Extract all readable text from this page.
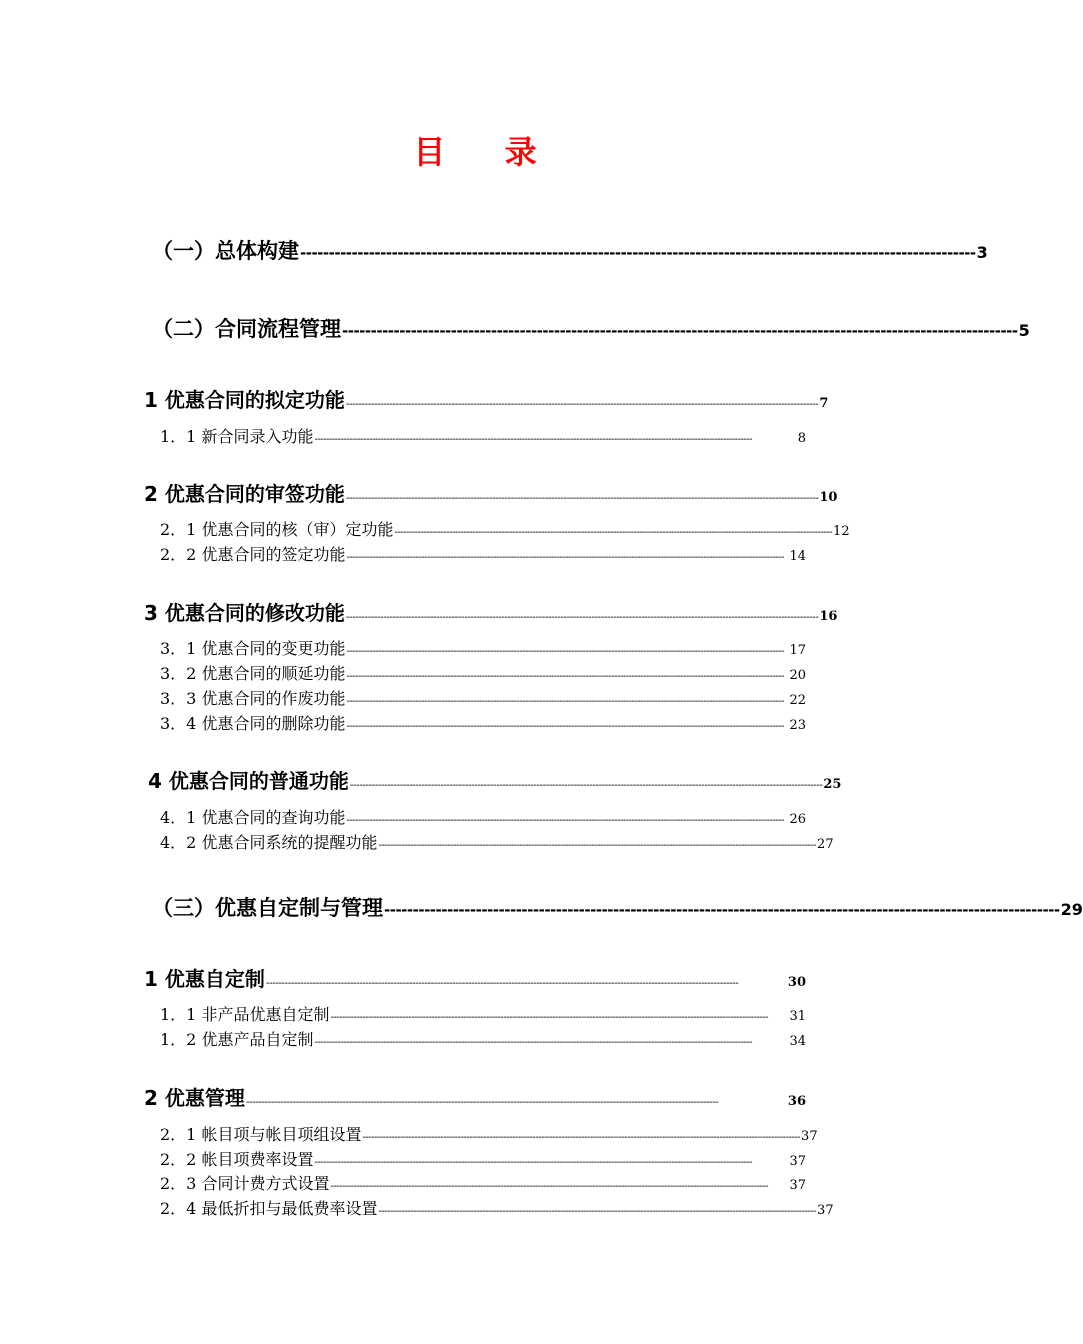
目 录
（一）总体构建 ---------------------------------------------------------------------------------------------------------------------- 3
（二）合同流程管理 ---------------------------------------------------------------------------------------------------------------------- 5
1 优惠合同的拟定功能 -------------------------------------------------------------------------------------------------------------------------------------------------------- 7
1．1 新合同录入功能 --------------------------------------------------------------------------------------------------------------------------------------------------------	8
2 优惠合同的审签功能 -------------------------------------------------------------------------------------------------------------------------------------------------------- 10
2．1 优惠合同的核（审）定功能 -------------------------------------------------------------------------------------------------------------------------------------------------------- 12
2．2 优惠合同的签定功能 -------------------------------------------------------------------------------------------------------------------------------------------------------- 14
3 优惠合同的修改功能 -------------------------------------------------------------------------------------------------------------------------------------------------------- 16
3．1 优惠合同的变更功能 -------------------------------------------------------------------------------------------------------------------------------------------------------- 17
3．2 优惠合同的顺延功能 -------------------------------------------------------------------------------------------------------------------------------------------------------- 20
3．3 优惠合同的作废功能 -------------------------------------------------------------------------------------------------------------------------------------------------------- 22
3．4 优惠合同的删除功能 -------------------------------------------------------------------------------------------------------------------------------------------------------- 23
4 优惠合同的普通功能 -------------------------------------------------------------------------------------------------------------------------------------------------------- 25
4．1 优惠合同的查询功能 -------------------------------------------------------------------------------------------------------------------------------------------------------- 26
4．2 优惠合同系统的提醒功能 -------------------------------------------------------------------------------------------------------------------------------------------------------- 27
（三）优惠自定制与管理 ---------------------------------------------------------------------------------------------------------------------- 29
1 优惠自定制 --------------------------------------------------------------------------------------------------------------------------------------------------------	30
1．1 非产品优惠自定制 --------------------------------------------------------------------------------------------------------------------------------------------------------	31
1．2 优惠产品自定制 --------------------------------------------------------------------------------------------------------------------------------------------------------	34
2 优惠管理 --------------------------------------------------------------------------------------------------------------------------------------------------------	36
2．1 帐目项与帐目项组设置 -------------------------------------------------------------------------------------------------------------------------------------------------------- 37
2．2 帐目项费率设置 --------------------------------------------------------------------------------------------------------------------------------------------------------	37
2．3 合同计费方式设置 --------------------------------------------------------------------------------------------------------------------------------------------------------	37
2．4 最低折扣与最低费率设置 -------------------------------------------------------------------------------------------------------------------------------------------------------- 37
